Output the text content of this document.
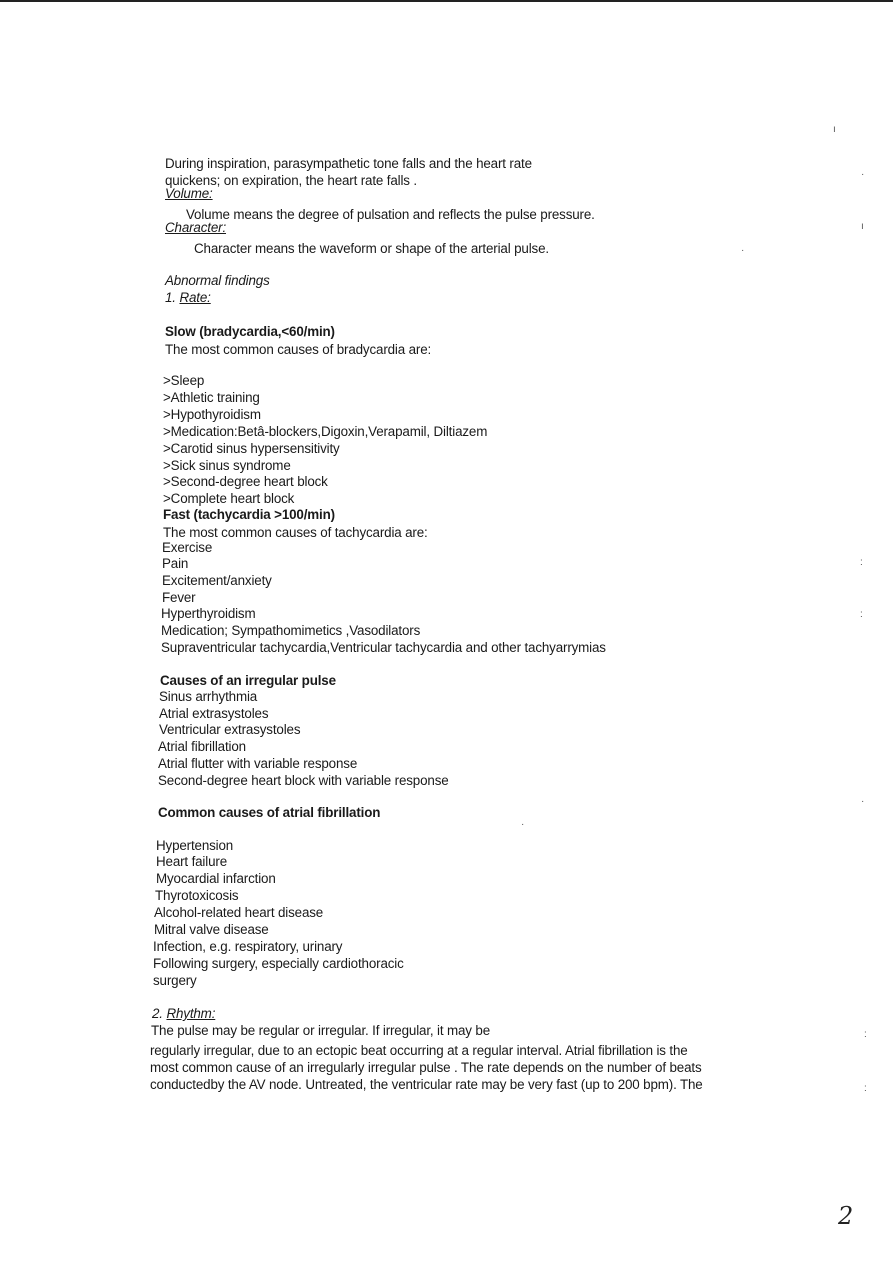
During inspiration, parasympathetic tone falls and the heart rate
quickens; on expiration, the heart rate falls .
Volume:
Volume means the degree of pulsation and reflects the pulse pressure.
Character:
Character means the waveform or shape of the arterial pulse.
Abnormal findings
1. Rate:
Slow (bradycardia,<60/min)
The most common causes of bradycardia are:
>Sleep
>Athletic training
>Hypothyroidism
>Medication:Betâ-blockers,Digoxin,Verapamil, Diltiazem
>Carotid sinus hypersensitivity
>Sick sinus syndrome
>Second-degree heart block
>Complete heart block
Fast (tachycardia >100/min)
The most common causes of tachycardia are:
Exercise
Pain
Excitement/anxiety
Fever
Hyperthyroidism
Medication; Sympathomimetics ,Vasodilators
Supraventricular tachycardia,Ventricular tachycardia and other tachyarrymias
Causes of an irregular pulse
Sinus arrhythmia
Atrial extrasystoles
Ventricular extrasystoles
Atrial fibrillation
Atrial flutter with variable response
Second-degree heart block with variable response
Common causes of atrial fibrillation
Hypertension
Heart failure
Myocardial infarction
Thyrotoxicosis
Alcohol-related heart disease
Mitral valve disease
Infection, e.g. respiratory, urinary
Following surgery, especially cardiothoracic
surgery
2. Rhythm:
The pulse may be regular or irregular. If irregular, it may be
regularly irregular, due to an ectopic beat occurring at a regular interval. Atrial fibrillation is the
most common cause of an irregularly irregular pulse . The rate depends on the number of beats
conductedby the AV node. Untreated, the ventricular rate may be very fast (up to 200 bpm). The
ı
·
ı
·
:
:
·
·
:
:
2
